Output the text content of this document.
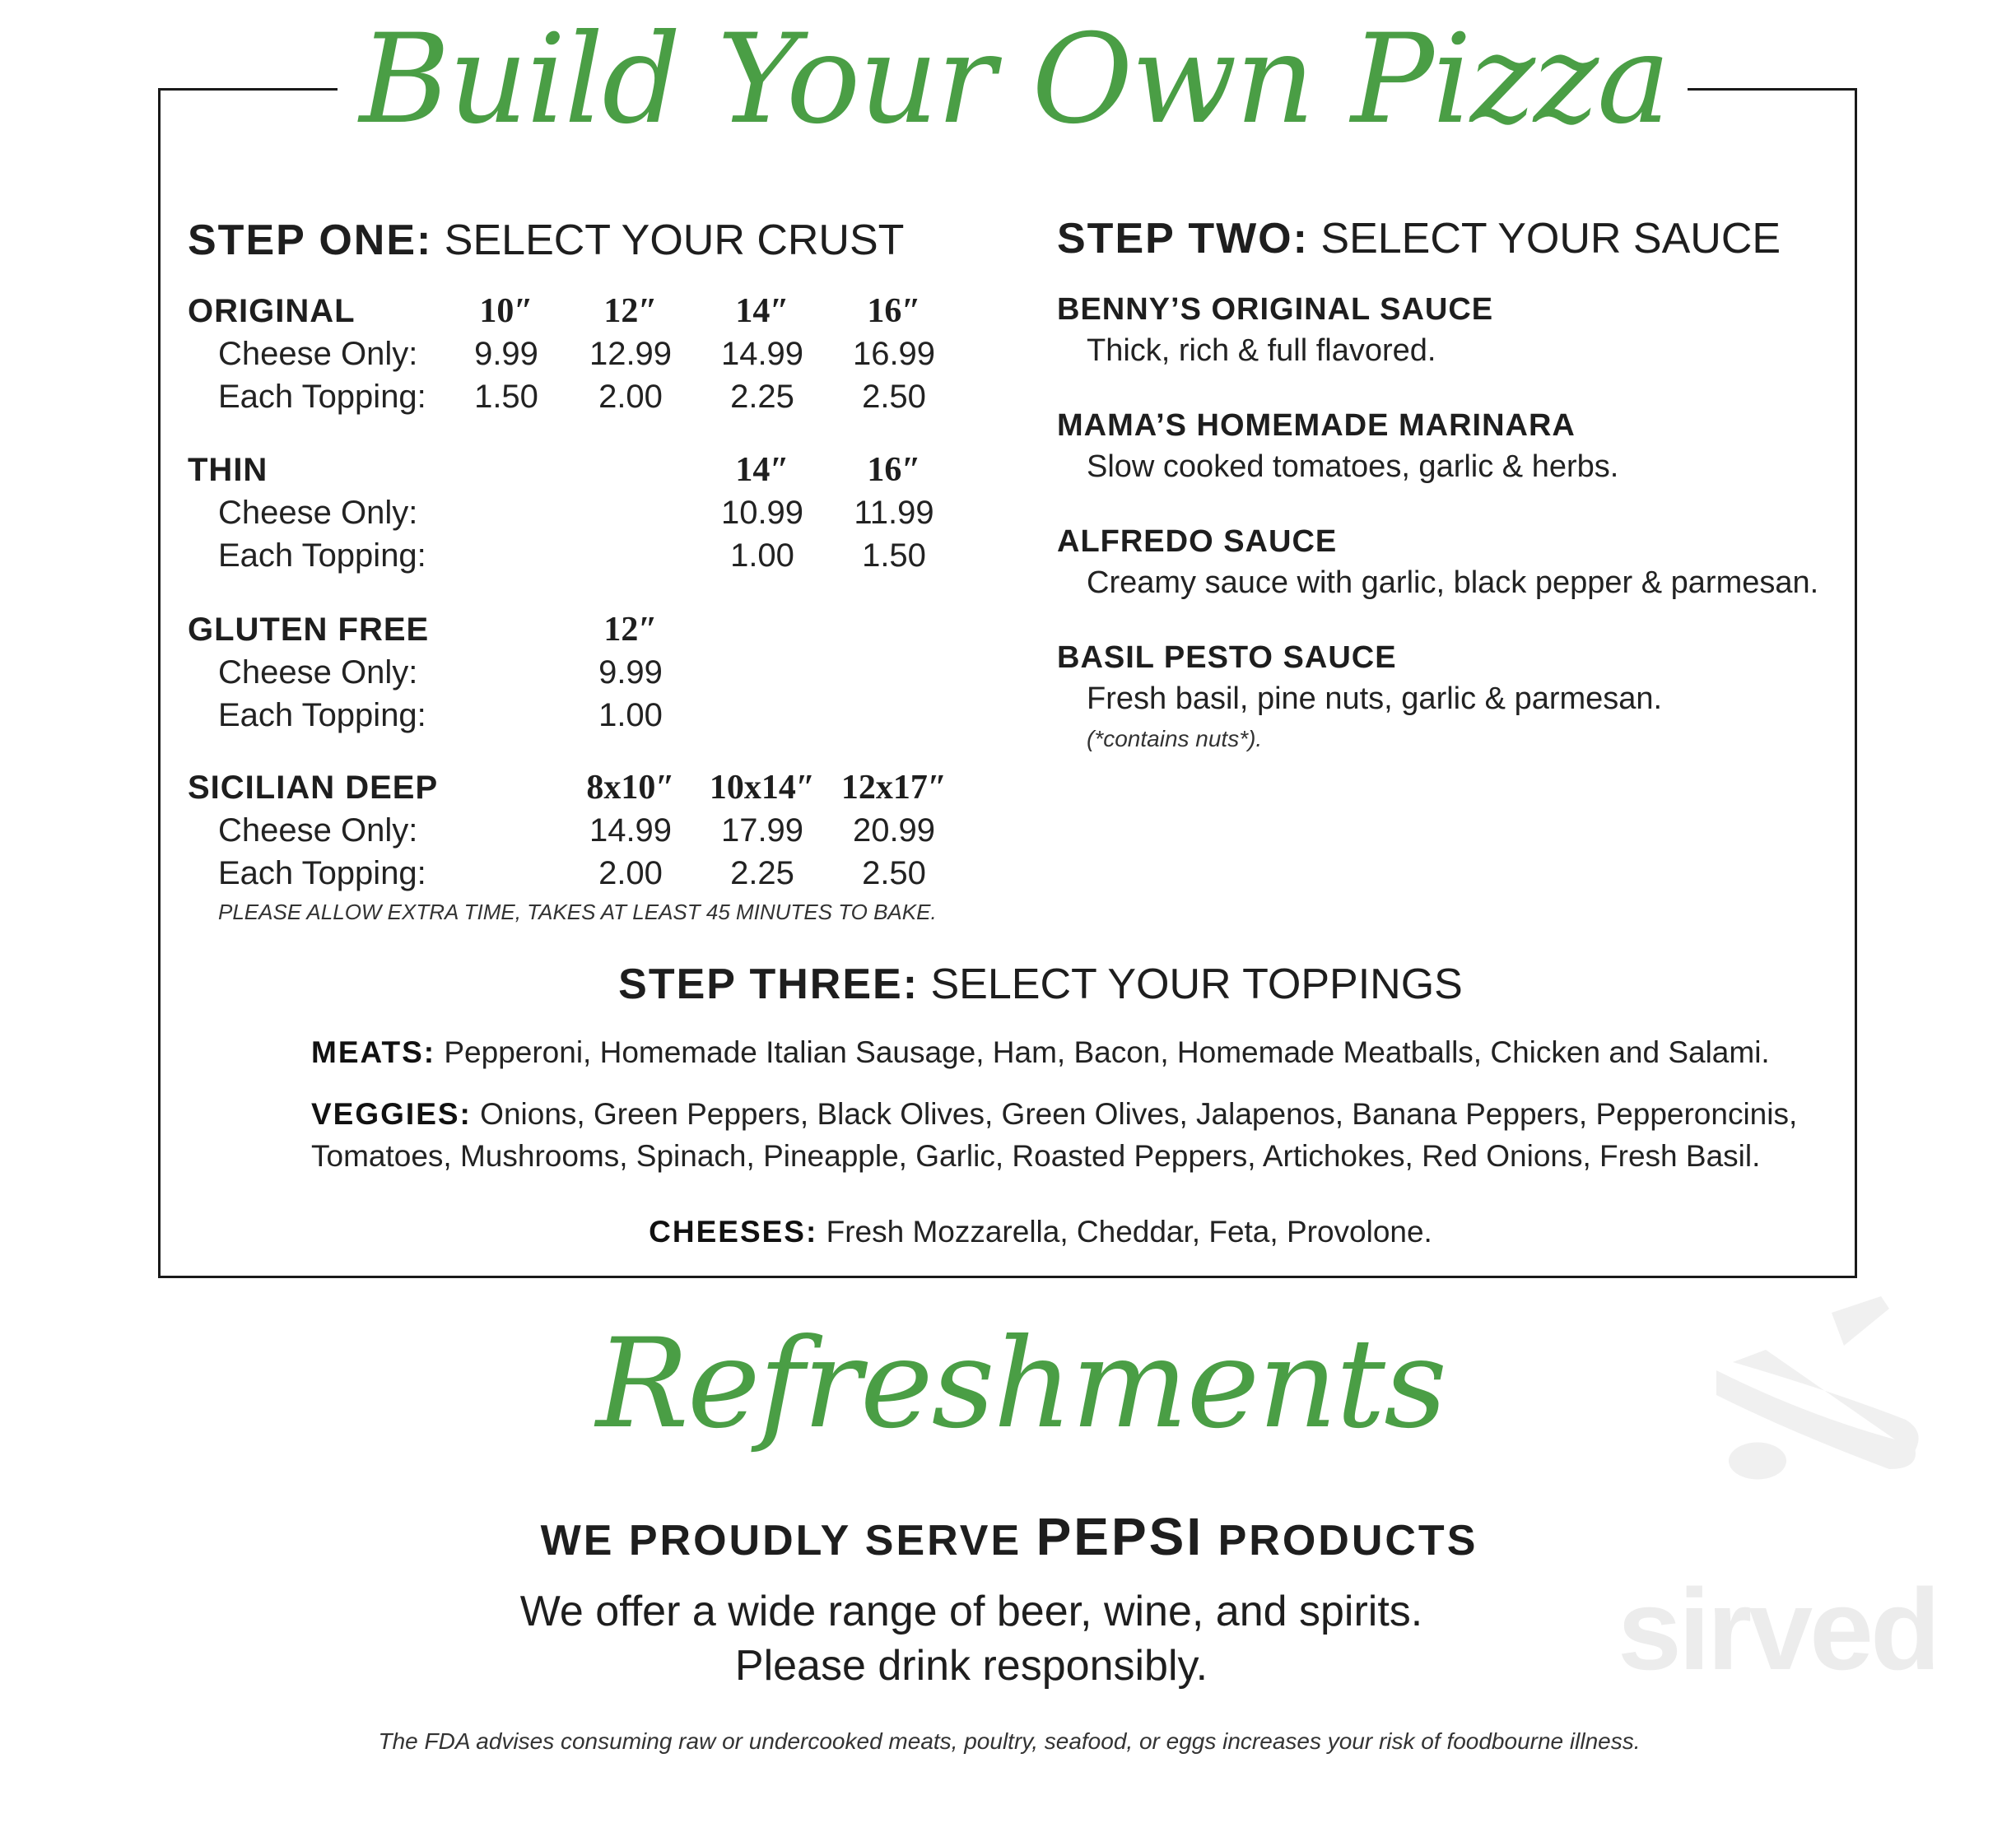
sirved
Build Your Own Pizza
STEP ONE: SELECT YOUR CRUST
ORIGINAL
Cheese Only:
Each Topping:
10″
9.99
1.50
12″
12.99
2.00
14″
14.99
2.25
16″
16.99
2.50
THIN
Cheese Only:
Each Topping:
14″
10.99
1.00
16″
11.99
1.50
GLUTEN FREE
Cheese Only:
Each Topping:
12″
9.99
1.00
SICILIAN DEEP
Cheese Only:
Each Topping:
8x10″
14.99
2.00
10x14″
17.99
2.25
12x17″
20.99
2.50
PLEASE ALLOW EXTRA TIME, TAKES AT LEAST 45 MINUTES TO BAKE.
STEP TWO: SELECT YOUR SAUCE
BENNY’S ORIGINAL SAUCE
Thick, rich & full flavored.
MAMA’S HOMEMADE MARINARA
Slow cooked tomatoes, garlic & herbs.
ALFREDO SAUCE
Creamy sauce with garlic, black pepper & parmesan.
BASIL PESTO SAUCE
Fresh basil, pine nuts, garlic & parmesan.
(*contains nuts*).
STEP THREE: SELECT YOUR TOPPINGS
MEATS: Pepperoni, Homemade Italian Sausage, Ham, Bacon, Homemade Meatballs, Chicken and Salami.
VEGGIES: Onions, Green Peppers, Black Olives, Green Olives, Jalapenos, Banana Peppers, Pepperoncinis,
Tomatoes, Mushrooms, Spinach, Pineapple, Garlic, Roasted Peppers, Artichokes, Red Onions, Fresh Basil.
CHEESES: Fresh Mozzarella, Cheddar, Feta, Provolone.
Refreshments
WE PROUDLY SERVE PEPSI PRODUCTS
We offer a wide range of beer, wine, and spirits.
Please drink responsibly.
The FDA advises consuming raw or undercooked meats, poultry, seafood, or eggs increases your risk of foodbourne illness.
